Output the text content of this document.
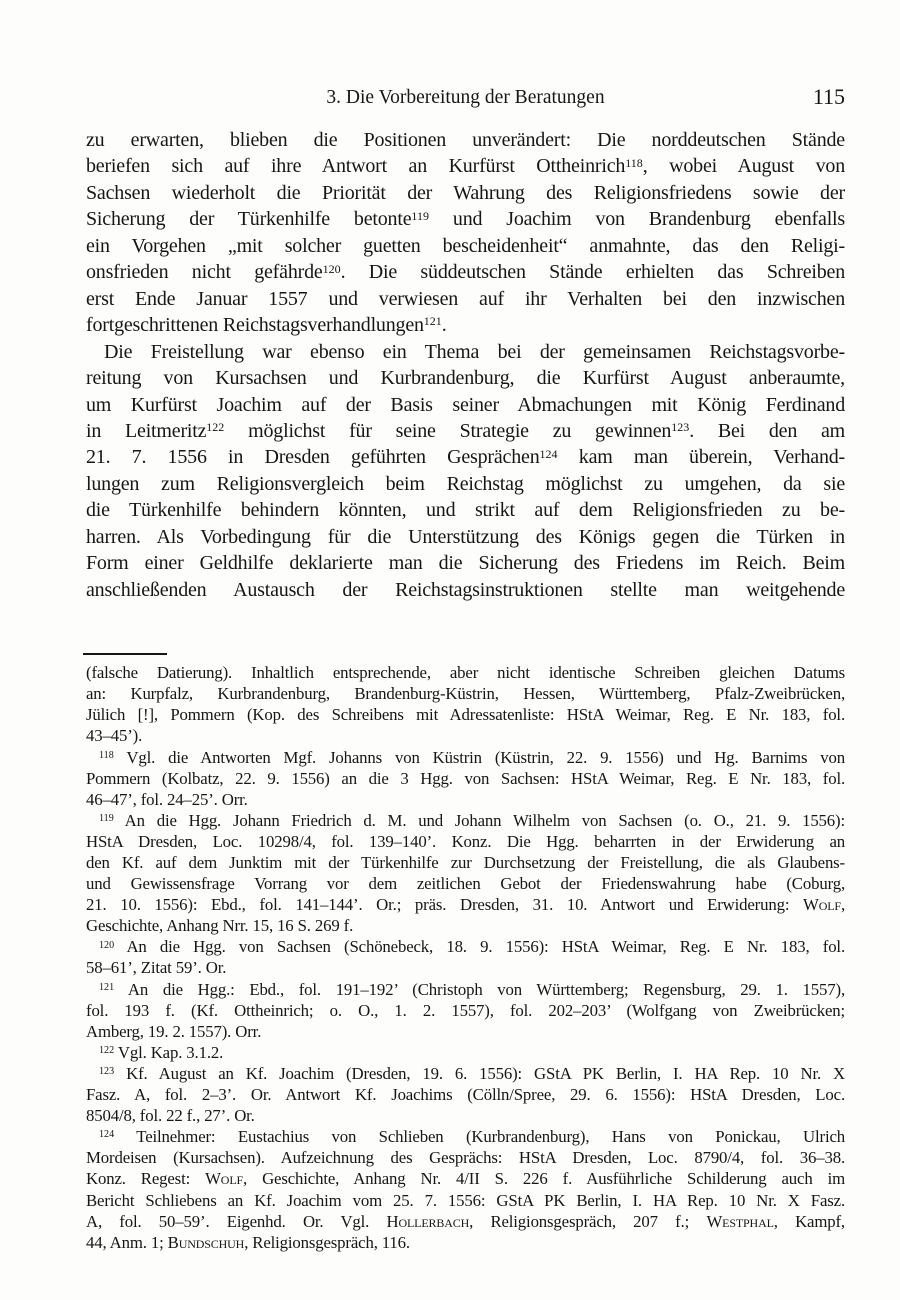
3. Die Vorbereitung der Beratungen	115
zu erwarten, blieben die Positionen unverändert: Die norddeutschen Stände
beriefen sich auf ihre Antwort an Kurfürst Ottheinrich$^{118}$, wobei August von
Sachsen wiederholt die Priorität der Wahrung des Religionsfriedens sowie der
Sicherung der Türkenhilfe betonte$^{119}$ und Joachim von Brandenburg ebenfalls
ein Vorgehen „mit solcher guetten bescheidenheit“ anmahnte, das den Religi-
onsfrieden nicht gefährde$^{120}$. Die süddeutschen Stände erhielten das Schreiben
erst Ende Januar 1557 und verwiesen auf ihr Verhalten bei den inzwischen
fortgeschrittenen Reichstagsverhandlungen$^{121}$.
Die Freistellung war ebenso ein Thema bei der gemeinsamen Reichstagsvorbe-
reitung von Kursachsen und Kurbrandenburg, die Kurfürst August anberaumte,
um Kurfürst Joachim auf der Basis seiner Abmachungen mit König Ferdinand
in Leitmeritz$^{122}$ möglichst für seine Strategie zu gewinnen$^{123}$. Bei den am
21. 7. 1556 in Dresden geführten Gesprächen$^{124}$ kam man überein, Verhand-
lungen zum Religionsvergleich beim Reichstag möglichst zu umgehen, da sie
die Türkenhilfe behindern könnten, und strikt auf dem Religionsfrieden zu be-
harren. Als Vorbedingung für die Unterstützung des Königs gegen die Türken in
Form einer Geldhilfe deklarierte man die Sicherung des Friedens im Reich. Beim
anschließenden Austausch der Reichstagsinstruktionen stellte man weitgehende
(falsche Datierung). Inhaltlich entsprechende, aber nicht identische Schreiben gleichen Datums
an: Kurpfalz, Kurbrandenburg, Brandenburg-Küstrin, Hessen, Württemberg, Pfalz-Zweibrücken,
Jülich [!], Pommern (Kop. des Schreibens mit Adressatenliste: HStA Weimar, Reg. E Nr. 183, fol.
43–45’).
$^{118}$ Vgl. die Antworten Mgf. Johanns von Küstrin (Küstrin, 22. 9. 1556) und Hg. Barnims von
Pommern (Kolbatz, 22. 9. 1556) an die 3 Hgg. von Sachsen: HStA Weimar, Reg. E Nr. 183, fol.
46–47’, fol. 24–25’. Orr.
$^{119}$ An die Hgg. Johann Friedrich d. M. und Johann Wilhelm von Sachsen (o. O., 21. 9. 1556):
HStA Dresden, Loc. 10298/4, fol. 139–140’. Konz. Die Hgg. beharrten in der Erwiderung an
den Kf. auf dem Junktim mit der Türkenhilfe zur Durchsetzung der Freistellung, die als Glaubens-
und Gewissensfrage Vorrang vor dem zeitlichen Gebot der Friedenswahrung habe (Coburg,
21. 10. 1556): Ebd., fol. 141–144’. Or.; präs. Dresden, 31. 10. Antwort und Erwiderung: Wolf,
Geschichte, Anhang Nrr. 15, 16 S. 269 f.
$^{120}$ An die Hgg. von Sachsen (Schönebeck, 18. 9. 1556): HStA Weimar, Reg. E Nr. 183, fol.
58–61’, Zitat 59’. Or.
$^{121}$ An die Hgg.: Ebd., fol. 191–192’ (Christoph von Württemberg; Regensburg, 29. 1. 1557),
fol. 193 f. (Kf. Ottheinrich; o. O., 1. 2. 1557), fol. 202–203’ (Wolfgang von Zweibrücken;
Amberg, 19. 2. 1557). Orr.
$^{122}$ Vgl. Kap. 3.1.2.
$^{123}$ Kf. August an Kf. Joachim (Dresden, 19. 6. 1556): GStA PK Berlin, I. HA Rep. 10 Nr. X
Fasz. A, fol. 2–3’. Or. Antwort Kf. Joachims (Cölln/Spree, 29. 6. 1556): HStA Dresden, Loc.
8504/8, fol. 22 f., 27’. Or.
$^{124}$ Teilnehmer: Eustachius von Schlieben (Kurbrandenburg), Hans von Ponickau, Ulrich
Mordeisen (Kursachsen). Aufzeichnung des Gesprächs: HStA Dresden, Loc. 8790/4, fol. 36–38.
Konz. Regest: Wolf, Geschichte, Anhang Nr. 4/II S. 226 f. Ausführliche Schilderung auch im
Bericht Schliebens an Kf. Joachim vom 25. 7. 1556: GStA PK Berlin, I. HA Rep. 10 Nr. X Fasz.
A, fol. 50–59’. Eigenhd. Or. Vgl. Hollerbach, Religionsgespräch, 207 f.; Westphal, Kampf,
44, Anm. 1; Bundschuh, Religionsgespräch, 116.
